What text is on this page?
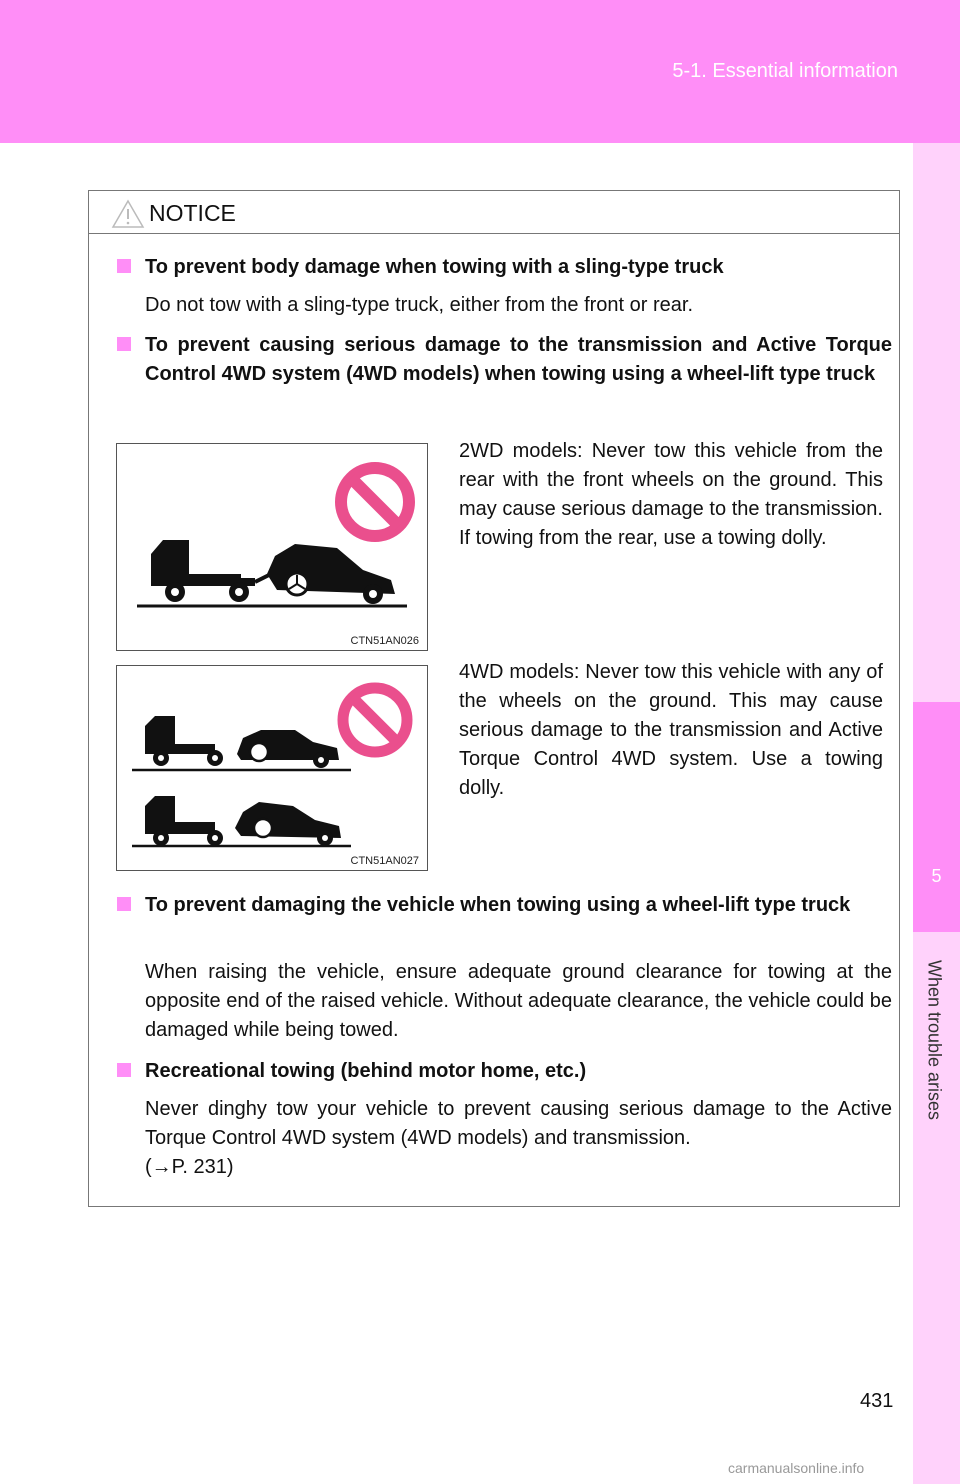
5-1. Essential information
5
When trouble arises
NOTICE
To prevent body damage when towing with a sling-type truck
Do not tow with a sling-type truck, either from the front or rear.
To prevent causing serious damage to the transmission and Active Torque Control 4WD system (4WD models) when towing using a wheel-lift type truck
CTN51AN026
2WD models: Never tow this vehicle from the rear with the front wheels on the ground. This may cause serious damage to the transmission. If towing from the rear, use a towing dolly.
CTN51AN027
4WD models: Never tow this vehicle with any of the wheels on the ground. This may cause serious damage to the transmission and Active Torque Control 4WD system. Use a towing dolly.
To prevent damaging the vehicle when towing using a wheel-lift type truck
When raising the vehicle, ensure adequate ground clearance for towing at the opposite end of the raised vehicle. Without adequate clearance, the vehicle could be damaged while being towed.
Recreational towing (behind motor home, etc.)
Never dinghy tow your vehicle to prevent causing serious damage to the Active Torque Control 4WD system (4WD models) and transmission.
(→P. 231)
431
carmanualsonline.info
